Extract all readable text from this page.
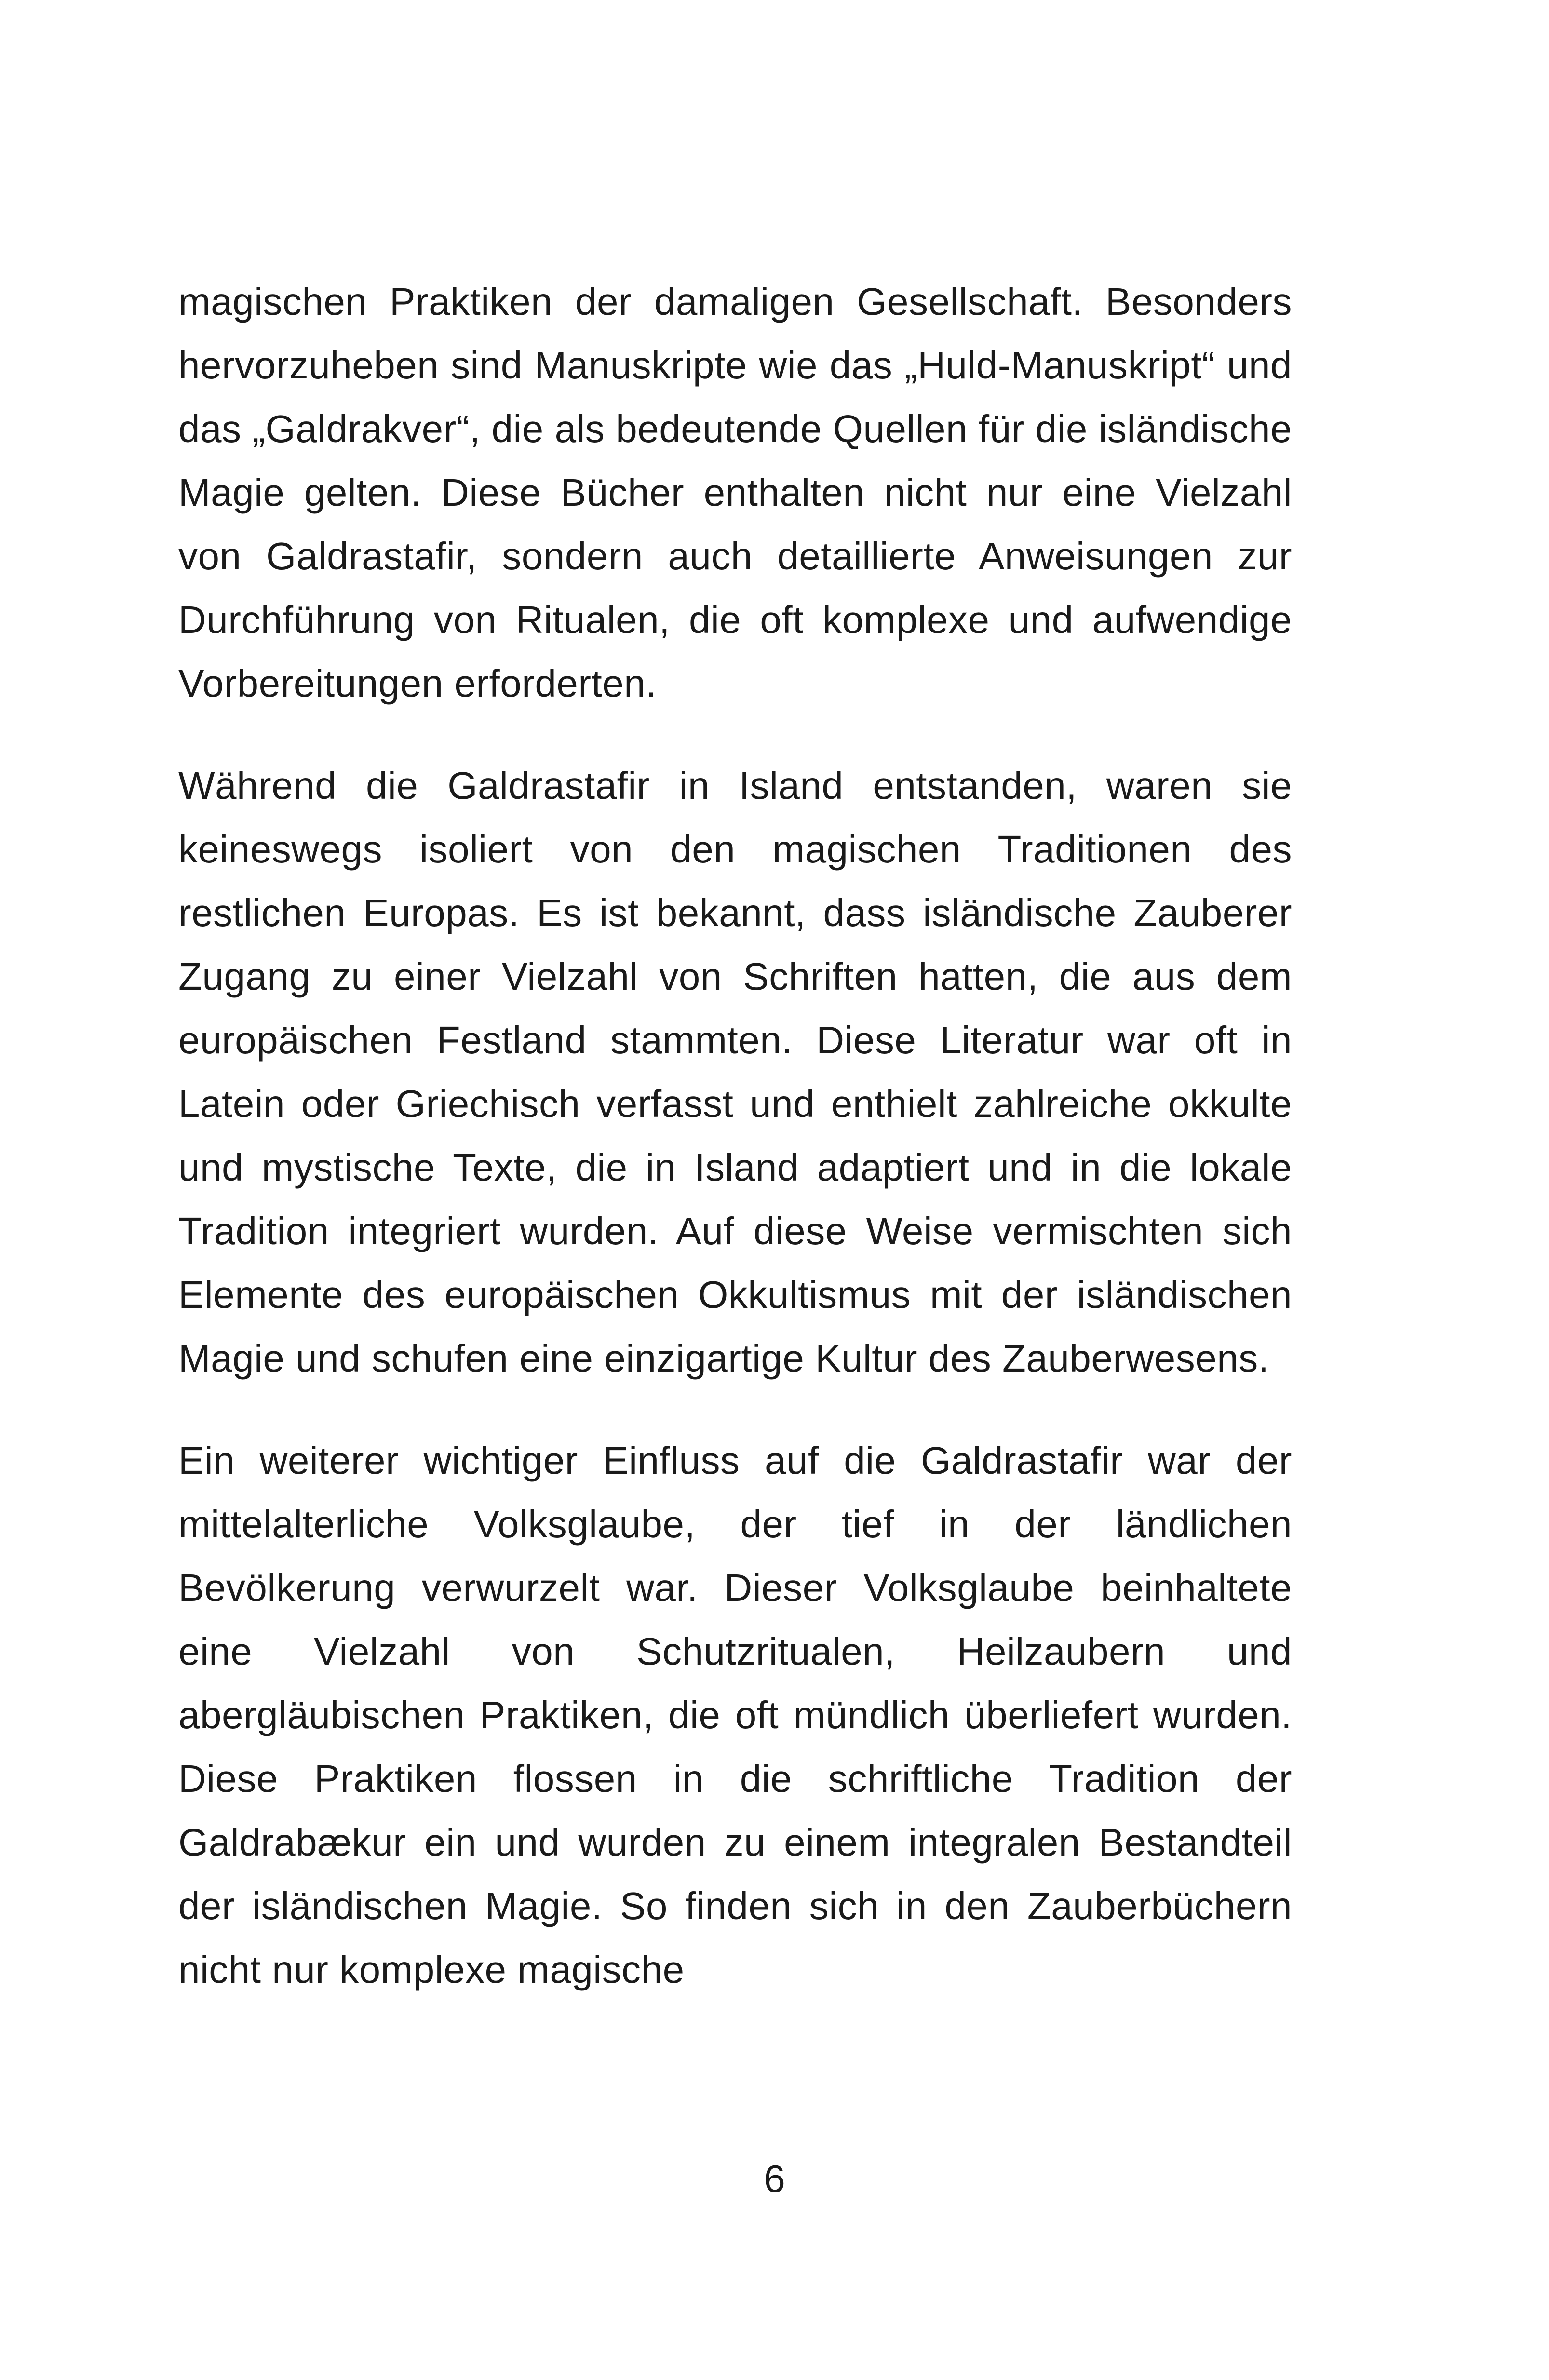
magischen Praktiken der damaligen Gesellschaft. Besonders hervorzuheben sind Manuskripte wie das „Huld-Manuskript“ und das „Galdrakver“, die als bedeutende Quellen für die isländische Magie gelten. Diese Bücher enthalten nicht nur eine Vielzahl von Galdrastafir, sondern auch detaillierte Anweisungen zur Durchführung von Ritualen, die oft komplexe und aufwendige Vorbereitungen erforderten.

Während die Galdrastafir in Island entstanden, waren sie keineswegs isoliert von den magischen Traditionen des restlichen Europas. Es ist bekannt, dass isländische Zauberer Zugang zu einer Vielzahl von Schriften hatten, die aus dem europäischen Festland stammten. Diese Literatur war oft in Latein oder Griechisch verfasst und enthielt zahlreiche okkulte und mystische Texte, die in Island adaptiert und in die lokale Tradition integriert wurden. Auf diese Weise vermischten sich Elemente des europäischen Okkultismus mit der isländischen Magie und schufen eine einzigartige Kultur des Zauberwesens.

Ein weiterer wichtiger Einfluss auf die Galdrastafir war der mittelalterliche Volksglaube, der tief in der ländlichen Bevölkerung verwurzelt war. Dieser Volksglaube beinhaltete eine Vielzahl von Schutzritualen, Heilzaubern und abergläubischen Praktiken, die oft mündlich überliefert wurden. Diese Praktiken flossen in die schriftliche Tradition der Galdrabækur ein und wurden zu einem integralen Bestandteil der isländischen Magie. So finden sich in den Zauberbüchern nicht nur komplexe magische

6
